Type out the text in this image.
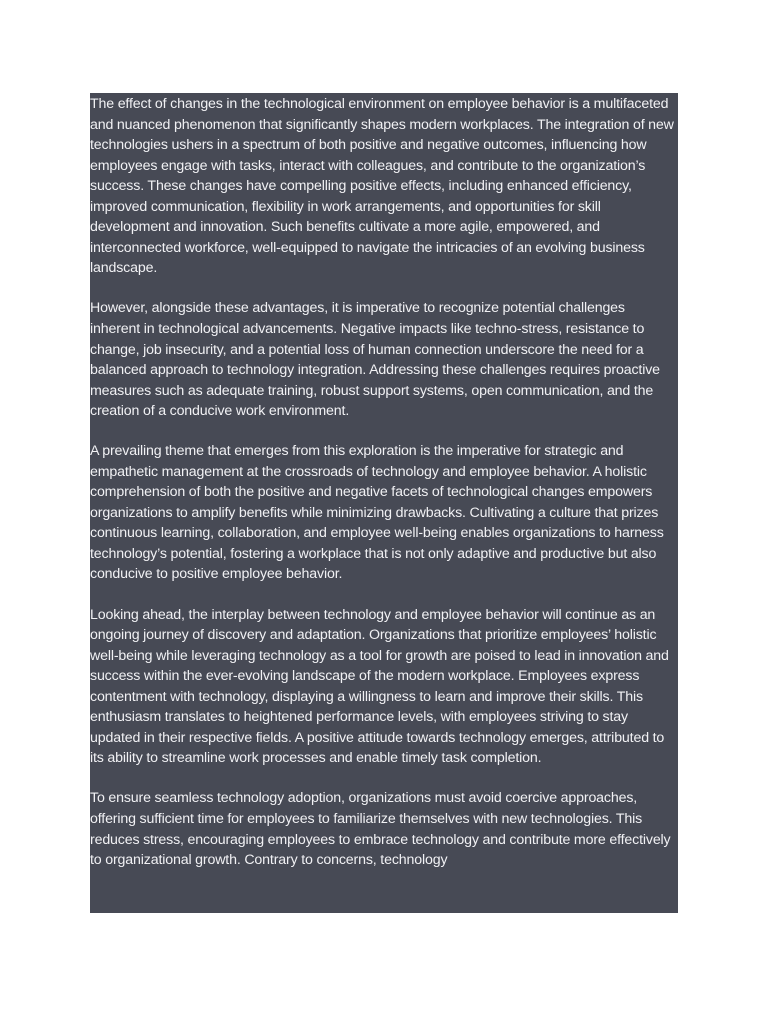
The effect of changes in the technological environment on employee behavior is a multifaceted and nuanced phenomenon that significantly shapes modern workplaces. The integration of new technologies ushers in a spectrum of both positive and negative outcomes, influencing how employees engage with tasks, interact with colleagues, and contribute to the organization’s success. These changes have compelling positive effects, including enhanced efficiency, improved communication, flexibility in work arrangements, and opportunities for skill development and innovation. Such benefits cultivate a more agile, empowered, and interconnected workforce, well-equipped to navigate the intricacies of an evolving business landscape.

However, alongside these advantages, it is imperative to recognize potential challenges inherent in technological advancements. Negative impacts like techno-stress, resistance to change, job insecurity, and a potential loss of human connection underscore the need for a balanced approach to technology integration. Addressing these challenges requires proactive measures such as adequate training, robust support systems, open communication, and the creation of a conducive work environment.

A prevailing theme that emerges from this exploration is the imperative for strategic and empathetic management at the crossroads of technology and employee behavior. A holistic comprehension of both the positive and negative facets of technological changes empowers organizations to amplify benefits while minimizing drawbacks. Cultivating a culture that prizes continuous learning, collaboration, and employee well-being enables organizations to harness technology’s potential, fostering a workplace that is not only adaptive and productive but also conducive to positive employee behavior.

Looking ahead, the interplay between technology and employee behavior will continue as an ongoing journey of discovery and adaptation. Organizations that prioritize employees’ holistic well-being while leveraging technology as a tool for growth are poised to lead in innovation and success within the ever-evolving landscape of the modern workplace. Employees express contentment with technology, displaying a willingness to learn and improve their skills. This enthusiasm translates to heightened performance levels, with employees striving to stay updated in their respective fields. A positive attitude towards technology emerges, attributed to its ability to streamline work processes and enable timely task completion.

To ensure seamless technology adoption, organizations must avoid coercive approaches, offering sufficient time for employees to familiarize themselves with new technologies. This reduces stress, encouraging employees to embrace technology and contribute more effectively to organizational growth. Contrary to concerns, technology
